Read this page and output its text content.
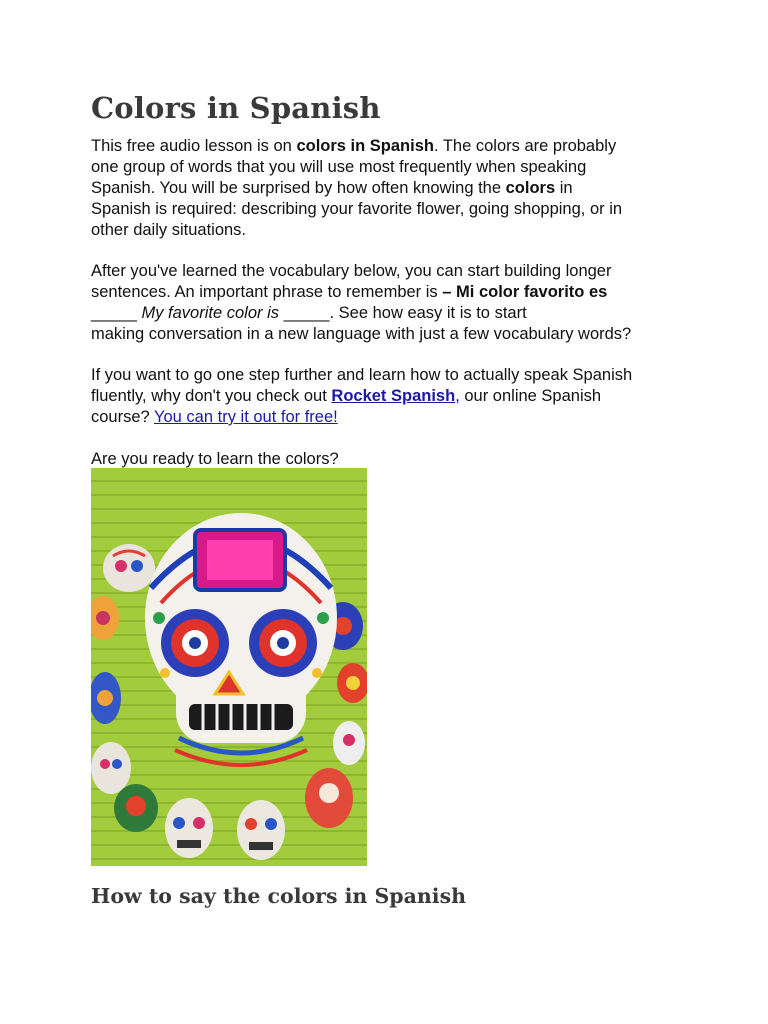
Colors in Spanish
This free audio lesson is on colors in Spanish. The colors are probably
one group of words that you will use most frequently when speaking
Spanish. You will be surprised by how often knowing the colors in
Spanish is required: describing your favorite flower, going shopping, or in
other daily situations.
After you've learned the vocabulary below, you can start building longer
sentences. An important phrase to remember is – Mi color favorito es
_____ My favorite color is _____. See how easy it is to start
making conversation in a new language with just a few vocabulary words?
If you want to go one step further and learn how to actually speak Spanish
fluently, why don't you check out Rocket Spanish, our online Spanish
course? You can try it out for free!
Are you ready to learn the colors?
How to say the colors in Spanish
